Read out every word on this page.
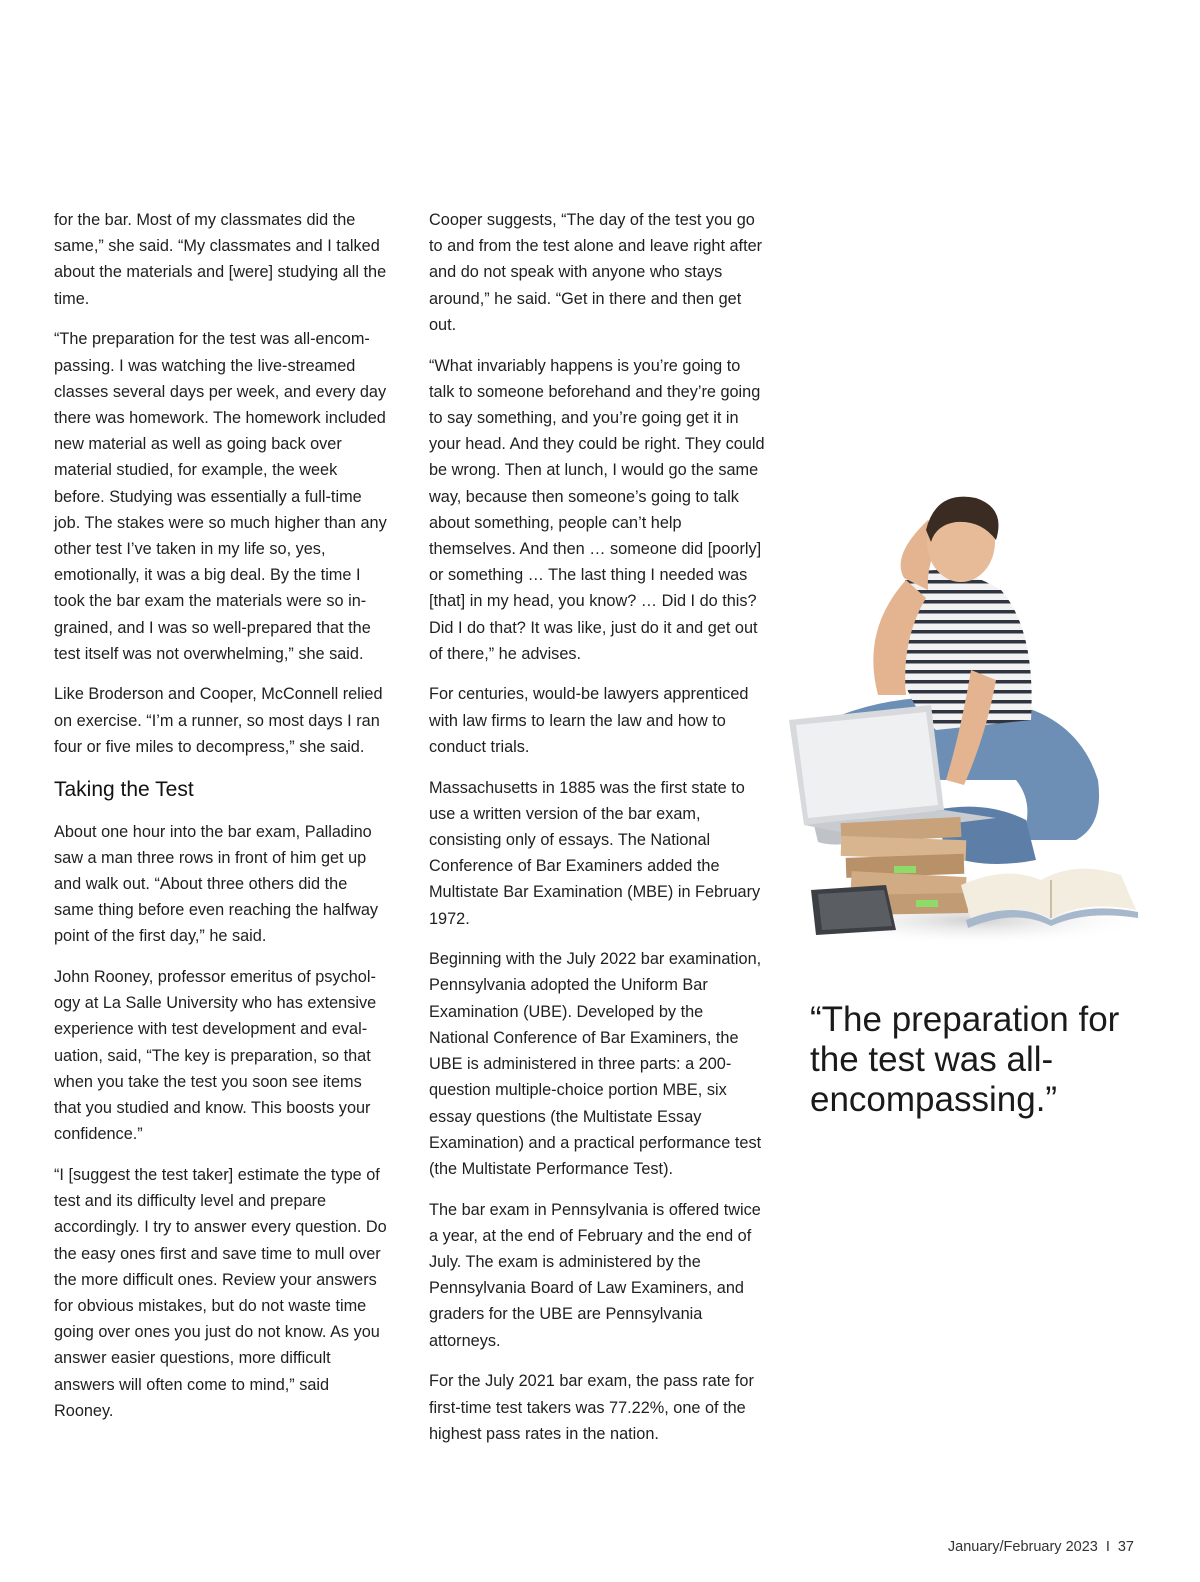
for the bar. Most of my classmates did the same,” she said. “My classmates and I talked about the materials and [were] studying all the time.

“The preparation for the test was all-encompassing. I was watching the live-streamed classes several days per week, and every day there was homework. The homework included new material as well as going back over material studied, for example, the week before. Studying was essentially a full-time job. The stakes were so much higher than any other test I’ve taken in my life so, yes, emotionally, it was a big deal. By the time I took the bar exam the materials were so ingrained, and I was so well-prepared that the test itself was not overwhelming,” she said.

Like Broderson and Cooper, McConnell relied on exercise. “I’m a runner, so most days I ran four or five miles to decompress,” she said.

Taking the Test

About one hour into the bar exam, Palladino saw a man three rows in front of him get up and walk out. “About three others did the same thing before even reaching the halfway point of the first day,” he said.

John Rooney, professor emeritus of psychology at La Salle University who has extensive experience with test development and evaluation, said, “The key is preparation, so that when you take the test you soon see items that you studied and know. This boosts your confidence.”

“I [suggest the test taker] estimate the type of test and its difficulty level and prepare accordingly. I try to answer every question. Do the easy ones first and save time to mull over the more difficult ones. Review your answers for obvious mistakes, but do not waste time going over ones you just do not know. As you answer easier questions, more difficult answers will often come to mind,” said Rooney.

Cooper suggests, “The day of the test you go to and from the test alone and leave right after and do not speak with anyone who stays around,” he said. “Get in there and then get out.

“What invariably happens is you’re going to talk to someone beforehand and they’re going to say something, and you’re going get it in your head. And they could be right. They could be wrong. Then at lunch, I would go the same way, because then someone’s going to talk about something, people can’t help themselves. And then … someone did [poorly] or something … The last thing I needed was [that] in my head, you know? … Did I do this? Did I do that? It was like, just do it and get out of there,” he advises.

For centuries, would-be lawyers apprenticed with law firms to learn the law and how to conduct trials.

Massachusetts in 1885 was the first state to use a written version of the bar exam, consisting only of essays. The National Conference of Bar Examiners added the Multistate Bar Examination (MBE) in February 1972.

Beginning with the July 2022 bar examination, Pennsylvania adopted the Uniform Bar Examination (UBE). Developed by the National Conference of Bar Examiners, the UBE is administered in three parts: a 200-question multiple-choice portion MBE, six essay questions (the Multistate Essay Examination) and a practical performance test (the Multistate Performance Test).

The bar exam in Pennsylvania is offered twice a year, at the end of February and the end of July. The exam is administered by the Pennsylvania Board of Law Examiners, and graders for the UBE are Pennsylvania attorneys.

For the July 2021 bar exam, the pass rate for first-time test takers was 77.22%, one of the highest pass rates in the nation.

“The preparation for the test was all-encompassing.”

January/February 2023 I 37
